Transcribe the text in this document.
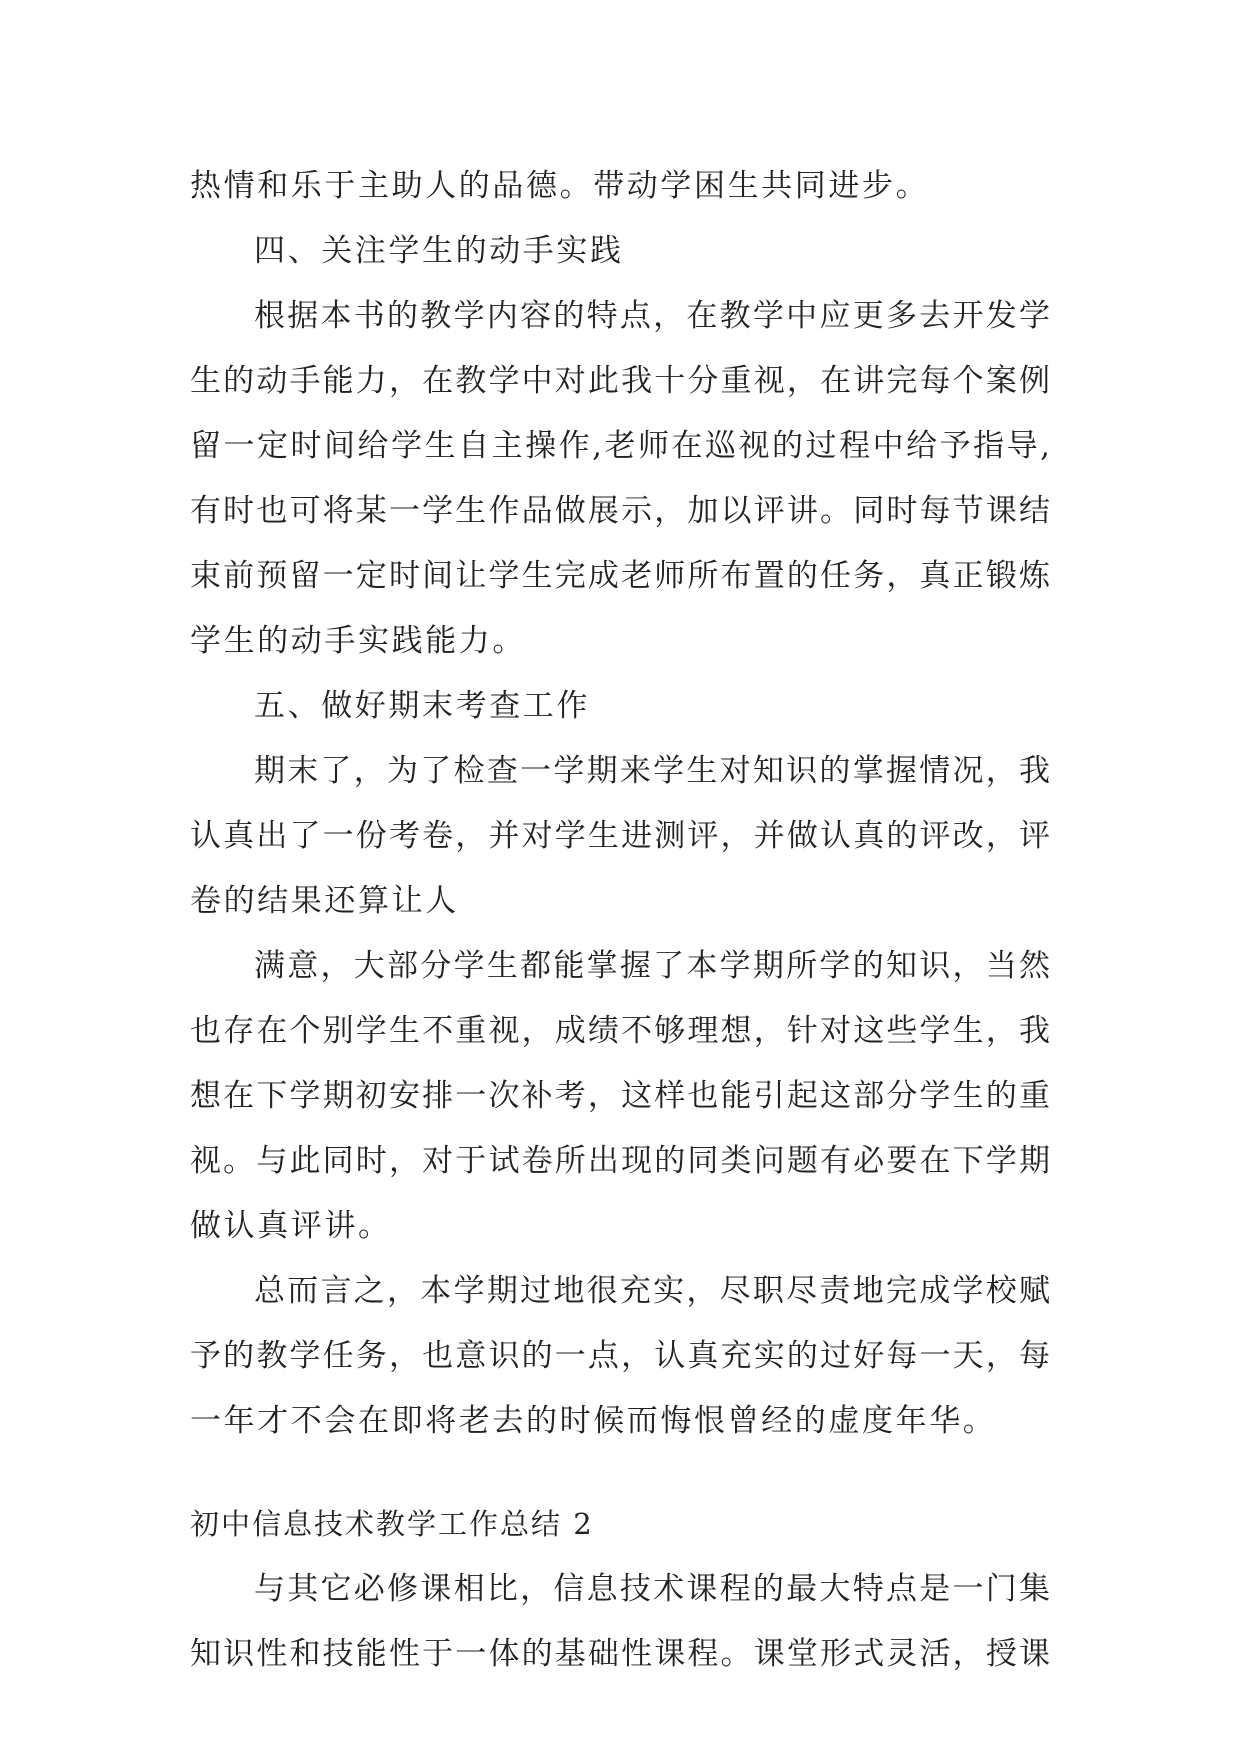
热情和乐于主助人的品德。带动学困生共同进步。

四、关注学生的动手实践

根据本书的教学内容的特点，在教学中应更多去开发学

生的动手能力，在教学中对此我十分重视，在讲完每个案例

留一定时间给学生自主操作,老师在巡视的过程中给予指导,

有时也可将某一学生作品做展示，加以评讲。同时每节课结

束前预留一定时间让学生完成老师所布置的任务，真正锻炼

学生的动手实践能力。

五、做好期末考查工作

期末了，为了检查一学期来学生对知识的掌握情况，我

认真出了一份考卷，并对学生进测评，并做认真的评改，评

卷的结果还算让人

满意，大部分学生都能掌握了本学期所学的知识，当然

也存在个别学生不重视，成绩不够理想，针对这些学生，我

想在下学期初安排一次补考，这样也能引起这部分学生的重

视。与此同时，对于试卷所出现的同类问题有必要在下学期

做认真评讲。

总而言之，本学期过地很充实，尽职尽责地完成学校赋

予的教学任务，也意识的一点，认真充实的过好每一天，每

一年才不会在即将老去的时候而悔恨曾经的虚度年华。

初中信息技术教学工作总结 2

与其它必修课相比，信息技术课程的最大特点是一门集

知识性和技能性于一体的基础性课程。课堂形式灵活，授课
